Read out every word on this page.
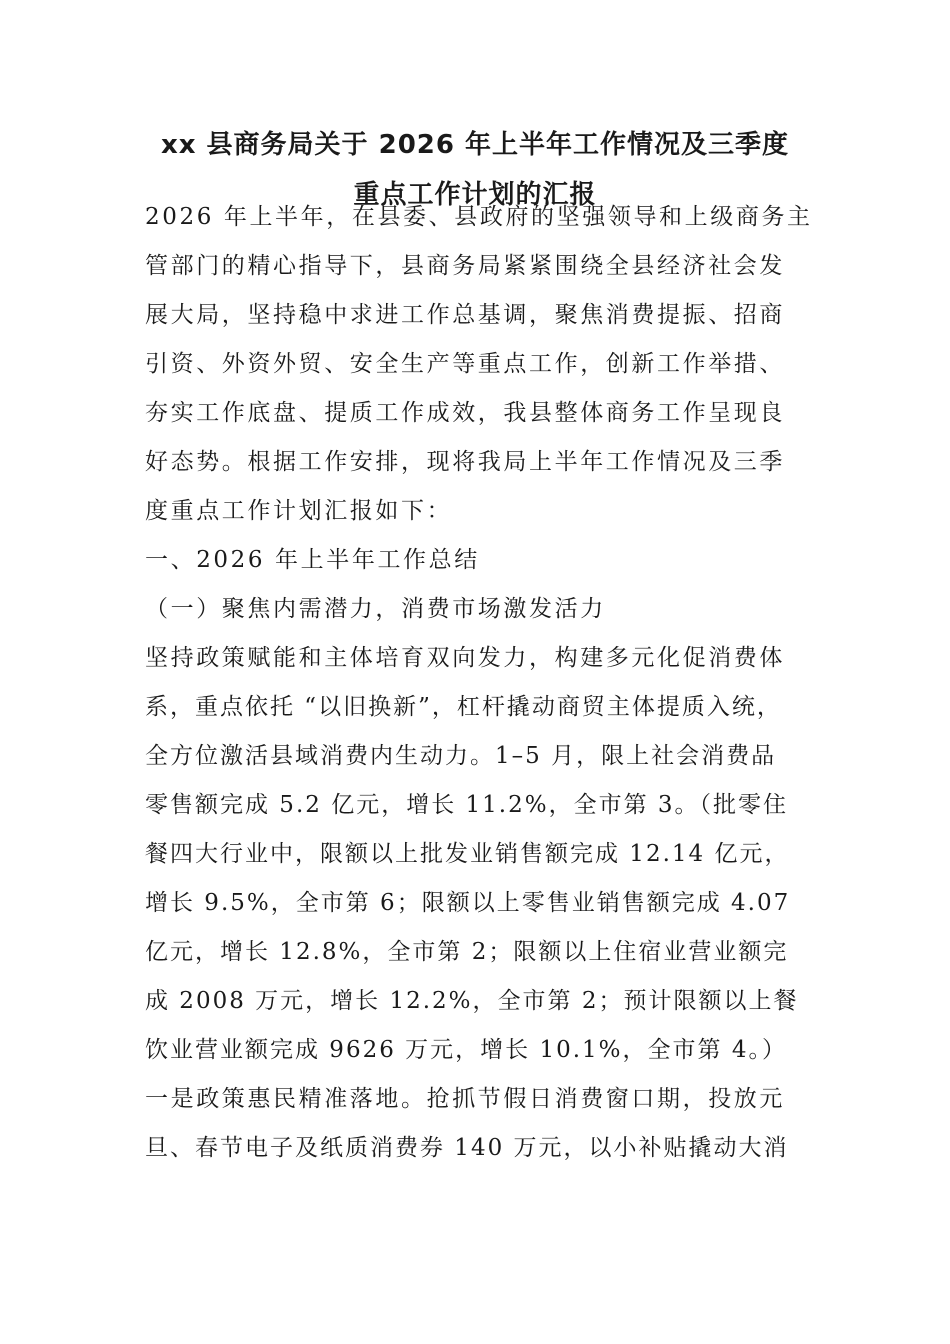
xx 县商务局关于 2026 年上半年工作情况及三季度
重点工作计划的汇报

2026 年上半年，在县委、县政府的坚强领导和上级商务主

管部门的精心指导下，县商务局紧紧围绕全县经济社会发

展大局，坚持稳中求进工作总基调，聚焦消费提振、招商

引资、外资外贸、安全生产等重点工作，创新工作举措、

夯实工作底盘、提质工作成效，我县整体商务工作呈现良

好态势。根据工作安排，现将我局上半年工作情况及三季

度重点工作计划汇报如下：

一、2026 年上半年工作总结

（一）聚焦内需潜力，消费市场激发活力

坚持政策赋能和主体培育双向发力，构建多元化促消费体

系，重点依托 “以旧换新”，杠杆撬动商贸主体提质入统，

全方位激活县域消费内生动力。1–5 月，限上社会消费品

零售额完成 5.2 亿元，增长 11.2%，全市第 3。（批零住

餐四大行业中，限额以上批发业销售额完成 12.14 亿元，

增长 9.5%，全市第 6；限额以上零售业销售额完成 4.07

亿元，增长 12.8%，全市第 2；限额以上住宿业营业额完

成 2008 万元，增长 12.2%，全市第 2；预计限额以上餐

饮业营业额完成 9626 万元，增长 10.1%，全市第 4。）

一是政策惠民精准落地。抢抓节假日消费窗口期，投放元

旦、春节电子及纸质消费券 140 万元，以小补贴撬动大消
